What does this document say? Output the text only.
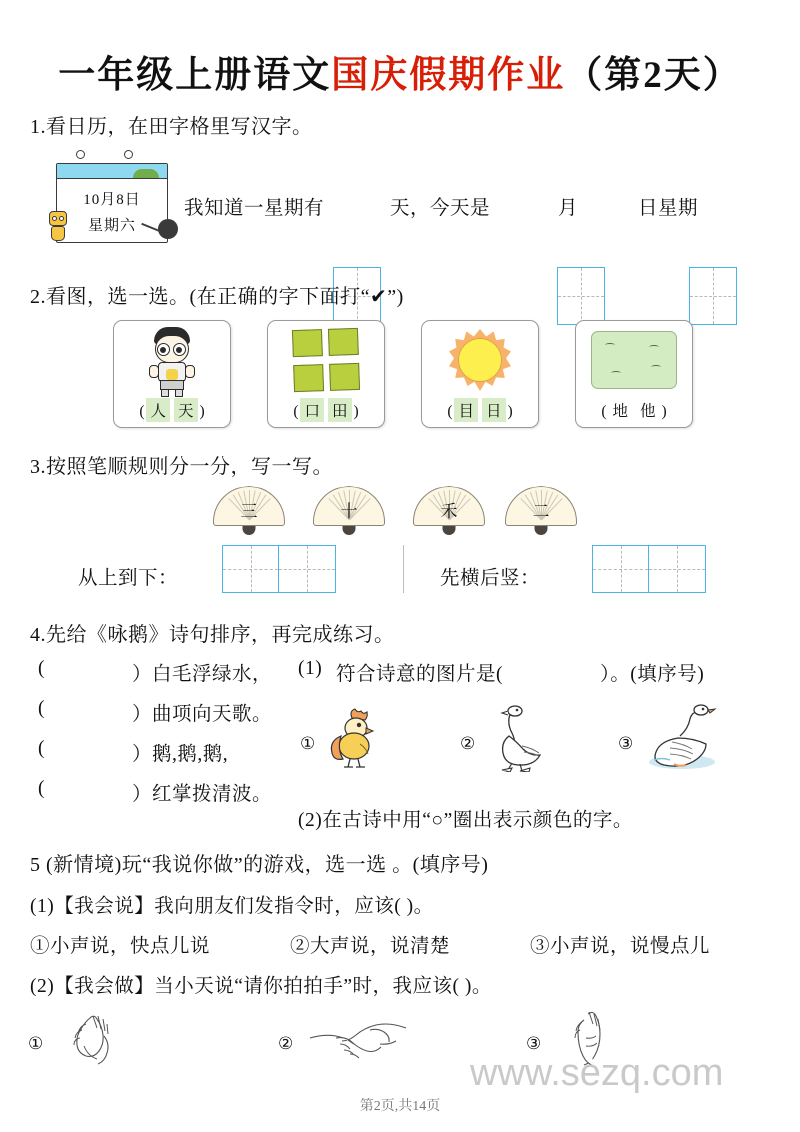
一年级上册语文国庆假期作业（第2天）
1.看日历，在田字格里写汉字。
10月8日
星期六
我知道一星期有
	天，今天是
	月
	日星期
2.看图，选一选。(在正确的字下面打“✔”)
( 人 天 )	( 口 田 )	( 目 日 )	( 地 他 )
3.按照笔顺规则分一分，写一写。
三	十	禾	二
从上到下：	先横后竖：
4.先给《咏鹅》诗句排序，再完成练习。
(	）白毛浮绿水，
(	）曲项向天歌。
(	）鹅,鹅,鹅,
(	）红掌拨清波。
(1) 符合诗意的图片是(	）。(填序号)
①	②	③
(2)在古诗中用“○”圈出表示颜色的字。
5 (新情境)玩“我说你做”的游戏，选一选 。(填序号)
(1)【我会说】我向朋友们发指令时，应该( )。
①小声说，快点儿说	②大声说，说清楚	③小声说，说慢点儿
(2)【我会做】当小天说“请你拍拍手”时，我应该( )。
①	②	③
www.sezq.com
第2页,共14页
